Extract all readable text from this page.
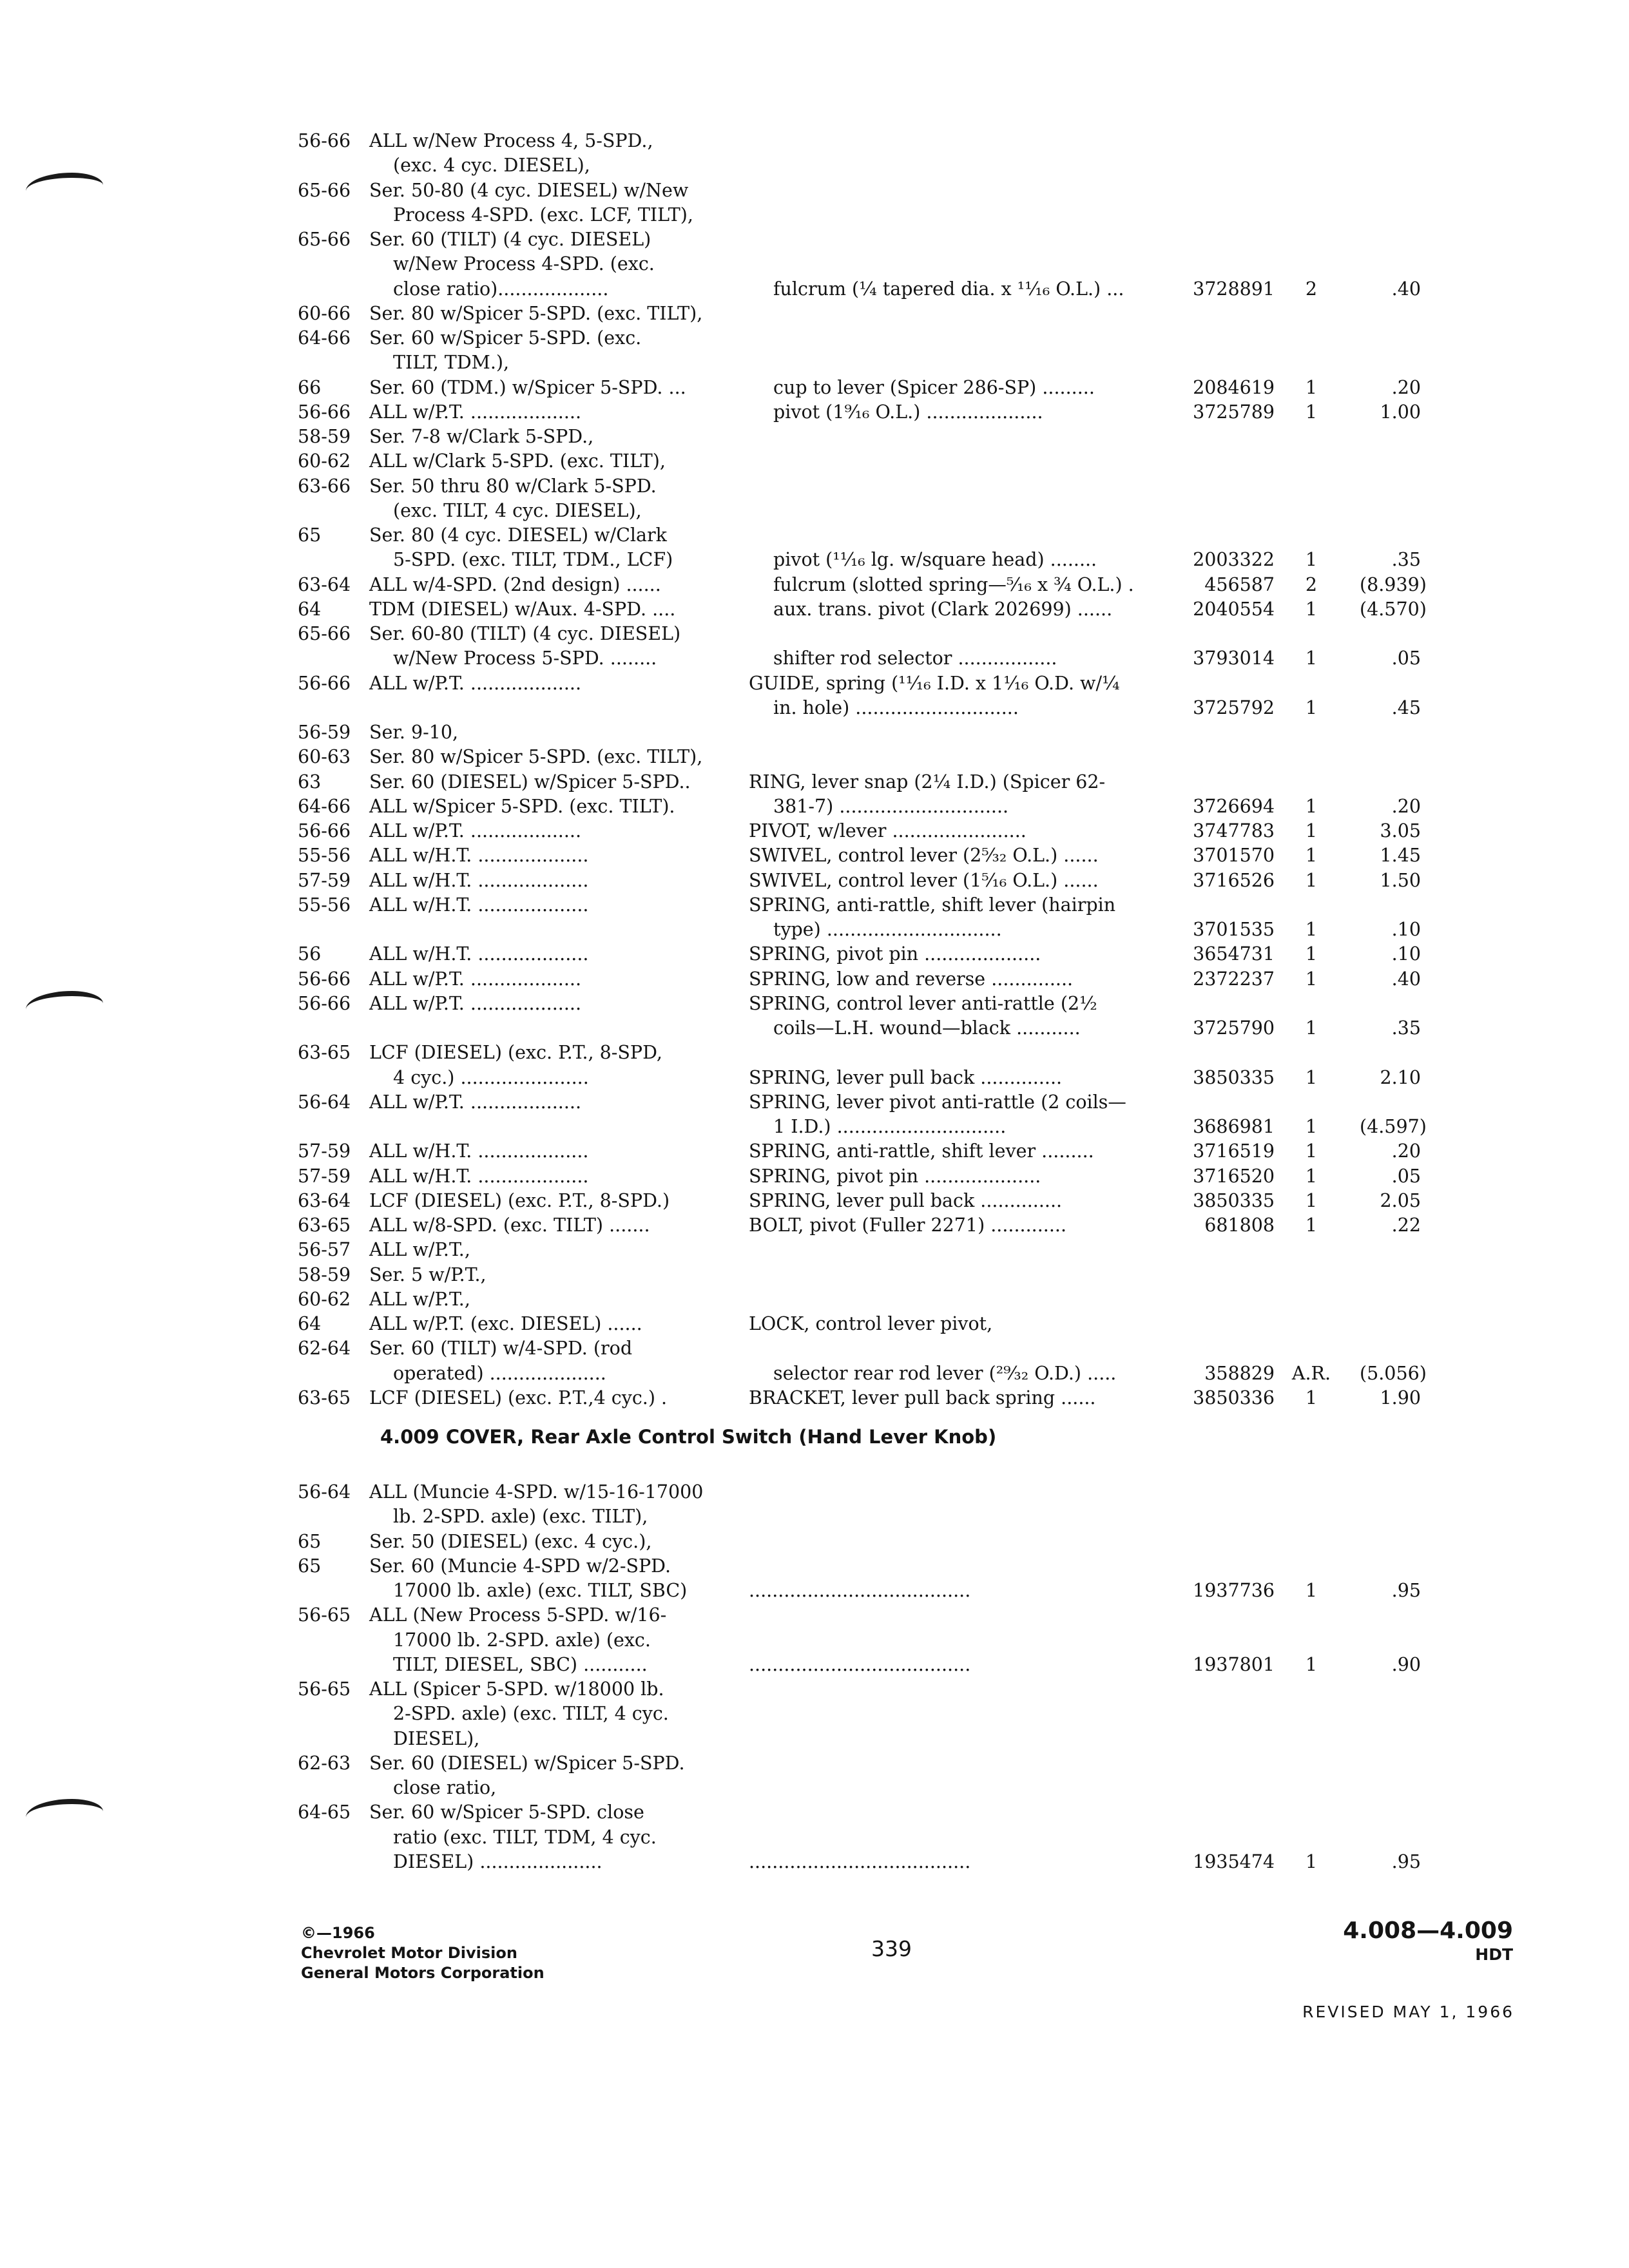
56-66 ALL w/New Process 4, 5-SPD.,
(exc. 4 cyc. DIESEL),
65-66 Ser. 50-80 (4 cyc. DIESEL) w/New
Process 4-SPD. (exc. LCF, TILT),
65-66 Ser. 60 (TILT) (4 cyc. DIESEL)
w/New Process 4-SPD. (exc.
close ratio)...................	fulcrum (¼ tapered dia. x ¹¹⁄₁₆ O.L.) ...	3728891	2	.40
60-66 Ser. 80 w/Spicer 5-SPD. (exc. TILT),
64-66 Ser. 60 w/Spicer 5-SPD. (exc.
TILT, TDM.),
66	Ser. 60 (TDM.) w/Spicer 5-SPD. ...	cup to lever (Spicer 286-SP) .........	2084619	1	.20
56-66 ALL w/P.T. ...................	pivot (1⁹⁄₁₆ O.L.) ....................	3725789	1	1.00
58-59 Ser. 7-8 w/Clark 5-SPD.,
60-62 ALL w/Clark 5-SPD. (exc. TILT),
63-66 Ser. 50 thru 80 w/Clark 5-SPD.
(exc. TILT, 4 cyc. DIESEL),
65	Ser. 80 (4 cyc. DIESEL) w/Clark
5-SPD. (exc. TILT, TDM., LCF)	pivot (¹¹⁄₁₆ lg. w/square head) ........	2003322	1	.35
63-64 ALL w/4-SPD. (2nd design) ......	fulcrum (slotted spring—⁵⁄₁₆ x ¾ O.L.) .	456587	2	(8.939)
64	TDM (DIESEL) w/Aux. 4-SPD. ....	aux. trans. pivot (Clark 202699) ......	2040554	1	(4.570)
65-66 Ser. 60-80 (TILT) (4 cyc. DIESEL)
w/New Process 5-SPD. ........	shifter rod selector .................	3793014	1	.05
56-66 ALL w/P.T. ...................	GUIDE, spring (¹¹⁄₁₆ I.D. x 1¹⁄₁₆ O.D. w/¼
in. hole) ............................	3725792	1	.45
56-59 Ser. 9-10,
60-63 Ser. 80 w/Spicer 5-SPD. (exc. TILT),
63	Ser. 60 (DIESEL) w/Spicer 5-SPD..	RING, lever snap (2¼ I.D.) (Spicer 62-
64-66 ALL w/Spicer 5-SPD. (exc. TILT).	381-7) .............................	3726694	1	.20
56-66 ALL w/P.T. ...................	PIVOT, w/lever .......................	3747783	1	3.05
55-56 ALL w/H.T. ...................	SWIVEL, control lever (2⁵⁄₃₂ O.L.) ......	3701570	1	1.45
57-59 ALL w/H.T. ...................	SWIVEL, control lever (1⁵⁄₁₆ O.L.) ......	3716526	1	1.50
55-56 ALL w/H.T. ...................	SPRING, anti-rattle, shift lever (hairpin
type) ..............................	3701535	1	.10
56	ALL w/H.T. ...................	SPRING, pivot pin ....................	3654731	1	.10
56-66 ALL w/P.T. ...................	SPRING, low and reverse ..............	2372237	1	.40
56-66 ALL w/P.T. ...................	SPRING, control lever anti-rattle (2½
coils—L.H. wound—black ...........	3725790	1	.35
63-65 LCF (DIESEL) (exc. P.T., 8-SPD,
4 cyc.) ......................	SPRING, lever pull back ..............	3850335	1	2.10
56-64 ALL w/P.T. ...................	SPRING, lever pivot anti-rattle (2 coils—
1 I.D.) .............................	3686981	1	(4.597)
57-59 ALL w/H.T. ...................	SPRING, anti-rattle, shift lever .........	3716519	1	.20
57-59 ALL w/H.T. ...................	SPRING, pivot pin ....................	3716520	1	.05
63-64 LCF (DIESEL) (exc. P.T., 8-SPD.)	SPRING, lever pull back ..............	3850335	1	2.05
63-65 ALL w/8-SPD. (exc. TILT) .......	BOLT, pivot (Fuller 2271) .............	681808	1	.22
56-57 ALL w/P.T.,
58-59 Ser. 5 w/P.T.,
60-62 ALL w/P.T.,
64	ALL w/P.T. (exc. DIESEL) ......	LOCK, control lever pivot,
62-64 Ser. 60 (TILT) w/4-SPD. (rod
operated) ....................	selector rear rod lever (²⁹⁄₃₂ O.D.) .....	358829 A.R.	(5.056)
63-65 LCF (DIESEL) (exc. P.T.,4 cyc.) .	BRACKET, lever pull back spring ......	3850336	1	1.90
4.009 COVER, Rear Axle Control Switch (Hand Lever Knob)
56-64 ALL (Muncie 4-SPD. w/15-16-17000
lb. 2-SPD. axle) (exc. TILT),
65	Ser. 50 (DIESEL) (exc. 4 cyc.),
65	Ser. 60 (Muncie 4-SPD w/2-SPD.
17000 lb. axle) (exc. TILT, SBC)	......................................	1937736	1	.95
56-65 ALL (New Process 5-SPD. w/16-
17000 lb. 2-SPD. axle) (exc.
TILT, DIESEL, SBC) ...........	......................................	1937801	1	.90
56-65 ALL (Spicer 5-SPD. w/18000 lb.
2-SPD. axle) (exc. TILT, 4 cyc.
DIESEL),
62-63 Ser. 60 (DIESEL) w/Spicer 5-SPD.
close ratio,
64-65 Ser. 60 w/Spicer 5-SPD. close
ratio (exc. TILT, TDM, 4 cyc.
DIESEL) .....................	......................................	1935474	1	.95
©—1966
Chevrolet Motor Division
General Motors Corporation
339
4.008—4.009
HDT
REVISED MAY 1, 1966
